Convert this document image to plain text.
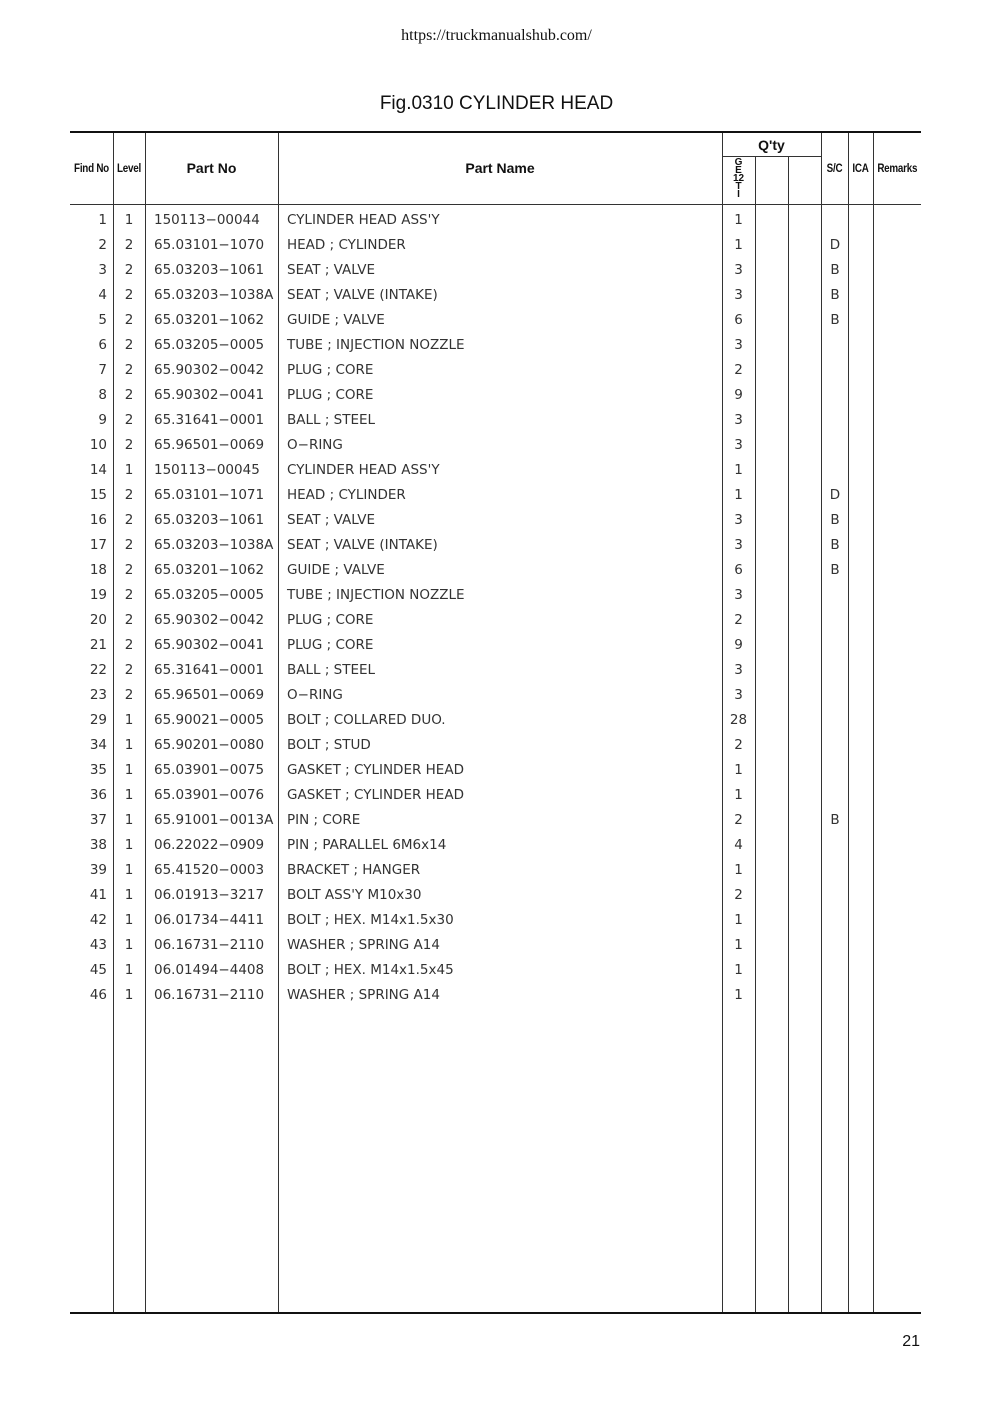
https://truckmanualshub.com/
Fig.0310 CYLINDER HEAD
Find No Level	Part No	Part Name
Q'ty
G
E
12
T
I
S/C ICA Remarks
1	1	150113−00044 CYLINDER HEAD ASS'Y	1
2	2	65.03101−1070 HEAD ; CYLINDER	1	D
3	2	65.03203−1061 SEAT ; VALVE	3	B
4	2	65.03203−1038A SEAT ; VALVE (INTAKE)	3	B
5	2	65.03201−1062 GUIDE ; VALVE	6	B
6	2	65.03205−0005 TUBE ; INJECTION NOZZLE	3
7	2	65.90302−0042 PLUG ; CORE	2
8	2	65.90302−0041 PLUG ; CORE	9
9	2	65.31641−0001 BALL ; STEEL	3
10	2	65.96501−0069 O−RING	3
14	1	150113−00045 CYLINDER HEAD ASS'Y	1
15	2	65.03101−1071 HEAD ; CYLINDER	1	D
16	2	65.03203−1061 SEAT ; VALVE	3	B
17	2	65.03203−1038A SEAT ; VALVE (INTAKE)	3	B
18	2	65.03201−1062 GUIDE ; VALVE	6	B
19	2	65.03205−0005 TUBE ; INJECTION NOZZLE	3
20	2	65.90302−0042 PLUG ; CORE	2
21	2	65.90302−0041 PLUG ; CORE	9
22	2	65.31641−0001 BALL ; STEEL	3
23	2	65.96501−0069 O−RING	3
29	1	65.90021−0005 BOLT ; COLLARED DUO.	28
34	1	65.90201−0080 BOLT ; STUD	2
35	1	65.03901−0075 GASKET ; CYLINDER HEAD	1
36	1	65.03901−0076 GASKET ; CYLINDER HEAD	1
37	1	65.91001−0013A PIN ; CORE	2	B
38	1	06.22022−0909 PIN ; PARALLEL 6M6x14	4
39	1	65.41520−0003 BRACKET ; HANGER	1
41	1	06.01913−3217 BOLT ASS'Y M10x30	2
42	1	06.01734−4411 BOLT ; HEX. M14x1.5x30	1
43	1	06.16731−2110 WASHER ; SPRING A14	1
45	1	06.01494−4408 BOLT ; HEX. M14x1.5x45	1
46	1	06.16731−2110 WASHER ; SPRING A14	1
21
